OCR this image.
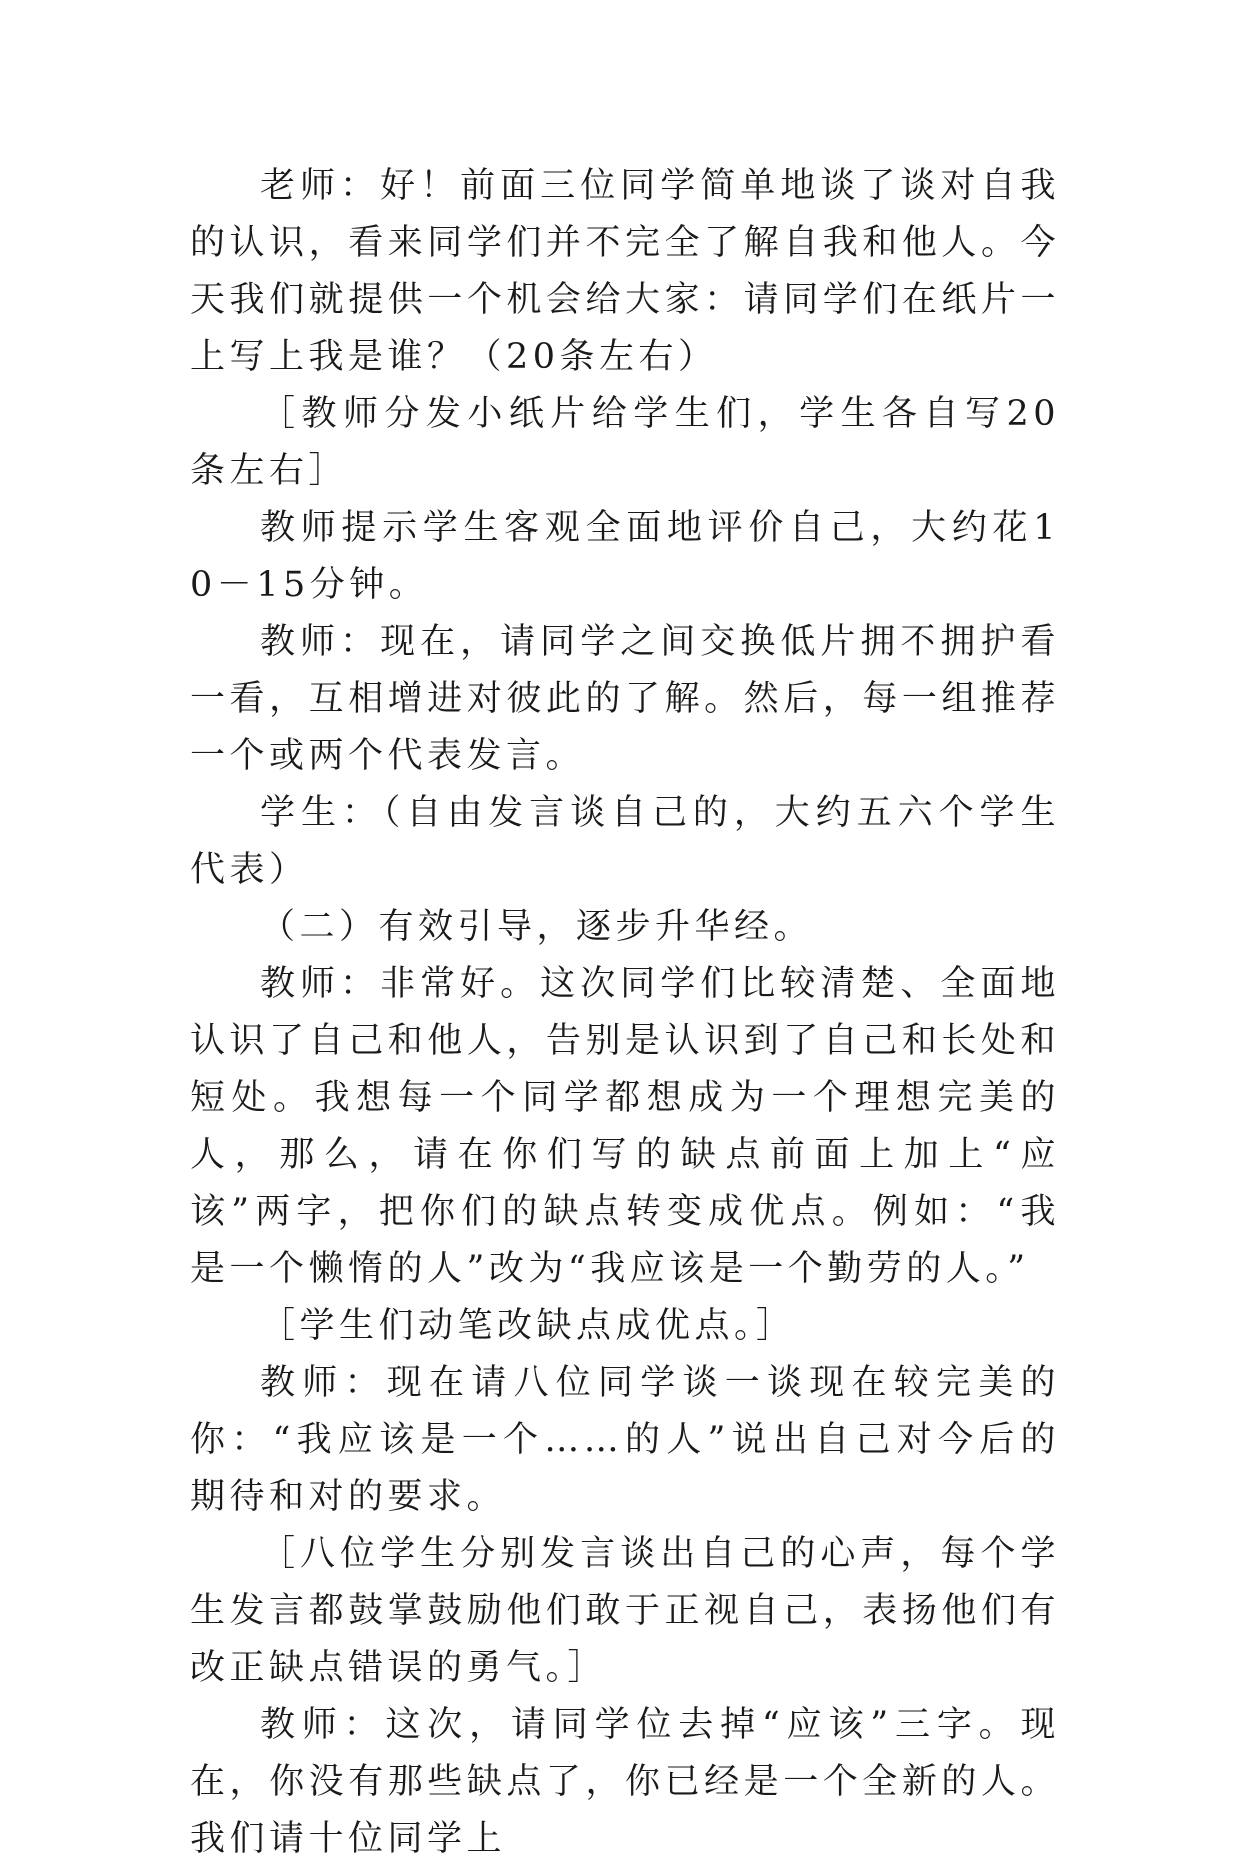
老师：好！前面三位同学简单地谈了谈对自我的认识，看来同学们并不完全了解自我和他人。今天我们就提供一个机会给大家：请同学们在纸片一上写上我是谁？（20条左右）

［教师分发小纸片给学生们，学生各自写20条左右］

教师提示学生客观全面地评价自己，大约花10－15分钟。

教师：现在，请同学之间交换低片拥不拥护看一看，互相增进对彼此的了解。然后，每一组推荐一个或两个代表发言。

学生：（自由发言谈自己的，大约五六个学生代表）

（二）有效引导，逐步升华经。

教师：非常好。这次同学们比较清楚、全面地认识了自己和他人，告别是认识到了自己和长处和短处。我想每一个同学都想成为一个理想完美的人，那么，请在你们写的缺点前面上加上“应该”两字，把你们的缺点转变成优点。例如：“我是一个懒惰的人”改为“我应该是一个勤劳的人。”

［学生们动笔改缺点成优点。］

教师：现在请八位同学谈一谈现在较完美的你：“我应该是一个……的人”说出自己对今后的期待和对的要求。

［八位学生分别发言谈出自己的心声，每个学生发言都鼓掌鼓励他们敢于正视自己，表扬他们有改正缺点错误的勇气。］

教师：这次，请同学位去掉“应该”三字。现在，你没有那些缺点了，你已经是一个全新的人。我们请十位同学上
